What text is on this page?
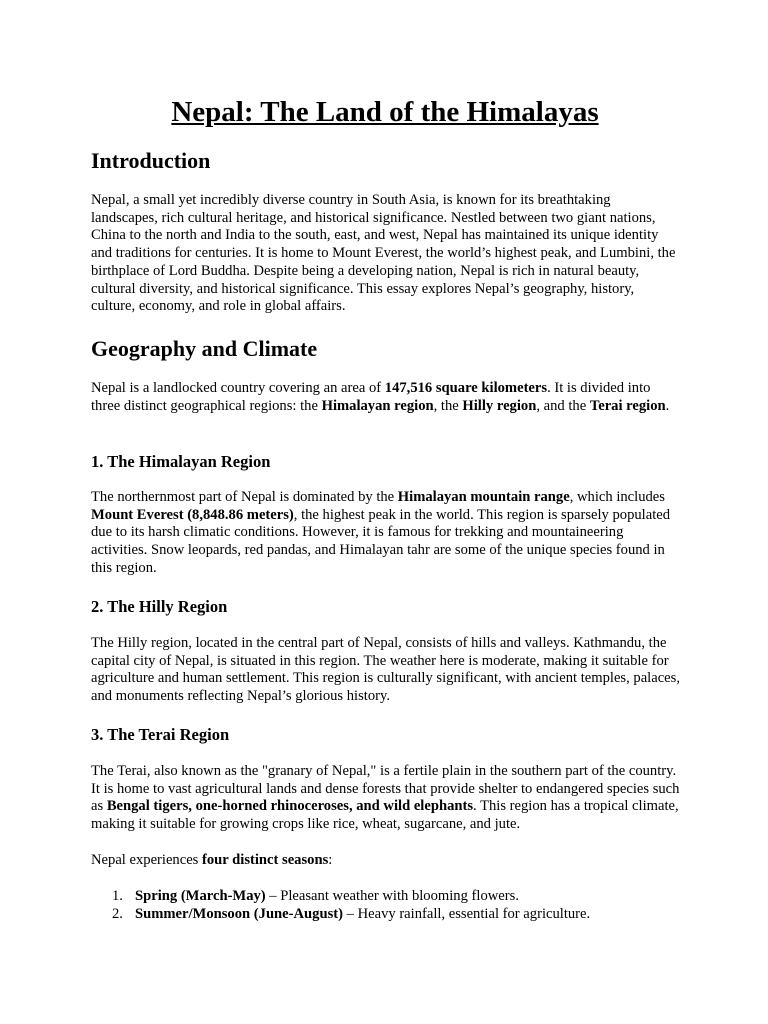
Nepal: The Land of the Himalayas
Introduction

Nepal, a small yet incredibly diverse country in South Asia, is known for its breathtaking landscapes, rich cultural heritage, and historical significance. Nestled between two giant nations, China to the north and India to the south, east, and west, Nepal has maintained its unique identity and traditions for centuries. It is home to Mount Everest, the world’s highest peak, and Lumbini, the birthplace of Lord Buddha. Despite being a developing nation, Nepal is rich in natural beauty, cultural diversity, and historical significance. This essay explores Nepal’s geography, history, culture, economy, and role in global affairs.

Geography and Climate

Nepal is a landlocked country covering an area of 147,516 square kilometers. It is divided into three distinct geographical regions: the Himalayan region, the Hilly region, and the Terai region.

1. The Himalayan Region

The northernmost part of Nepal is dominated by the Himalayan mountain range, which includes Mount Everest (8,848.86 meters), the highest peak in the world. This region is sparsely populated due to its harsh climatic conditions. However, it is famous for trekking and mountaineering activities. Snow leopards, red pandas, and Himalayan tahr are some of the unique species found in this region.

2. The Hilly Region

The Hilly region, located in the central part of Nepal, consists of hills and valleys. Kathmandu, the capital city of Nepal, is situated in this region. The weather here is moderate, making it suitable for agriculture and human settlement. This region is culturally significant, with ancient temples, palaces, and monuments reflecting Nepal’s glorious history.

3. The Terai Region

The Terai, also known as the "granary of Nepal," is a fertile plain in the southern part of the country. It is home to vast agricultural lands and dense forests that provide shelter to endangered species such as Bengal tigers, one-horned rhinoceroses, and wild elephants. This region has a tropical climate, making it suitable for growing crops like rice, wheat, sugarcane, and jute.

Nepal experiences four distinct seasons:

1. Spring (March-May) – Pleasant weather with blooming flowers.
2. Summer/Monsoon (June-August) – Heavy rainfall, essential for agriculture.
